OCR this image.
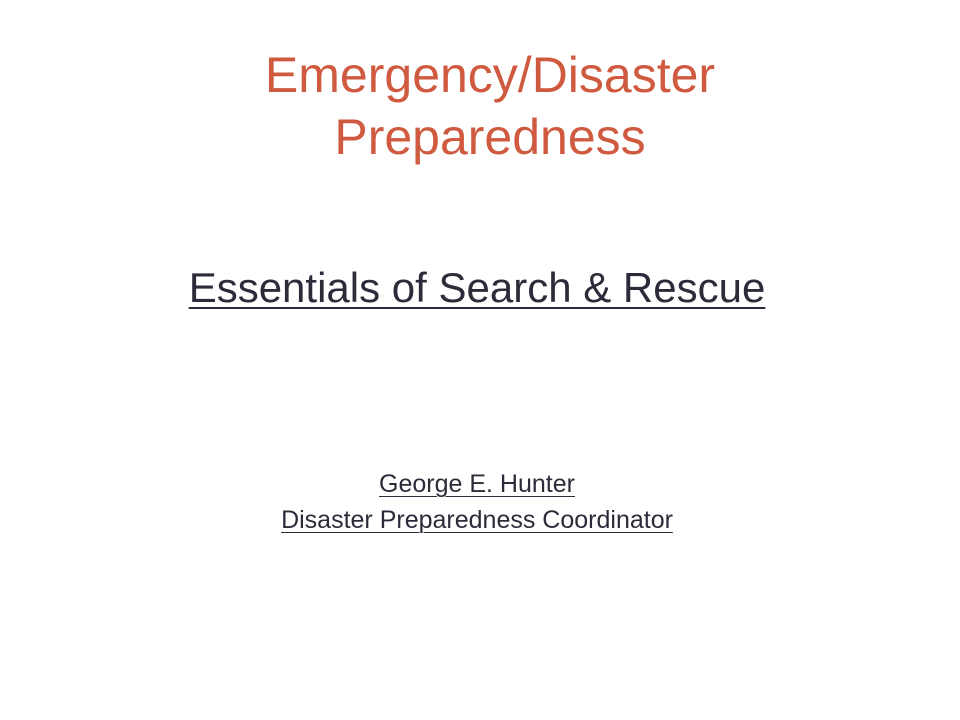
Emergency/Disaster
Preparedness
Essentials of Search & Rescue
George E. Hunter
Disaster Preparedness Coordinator
